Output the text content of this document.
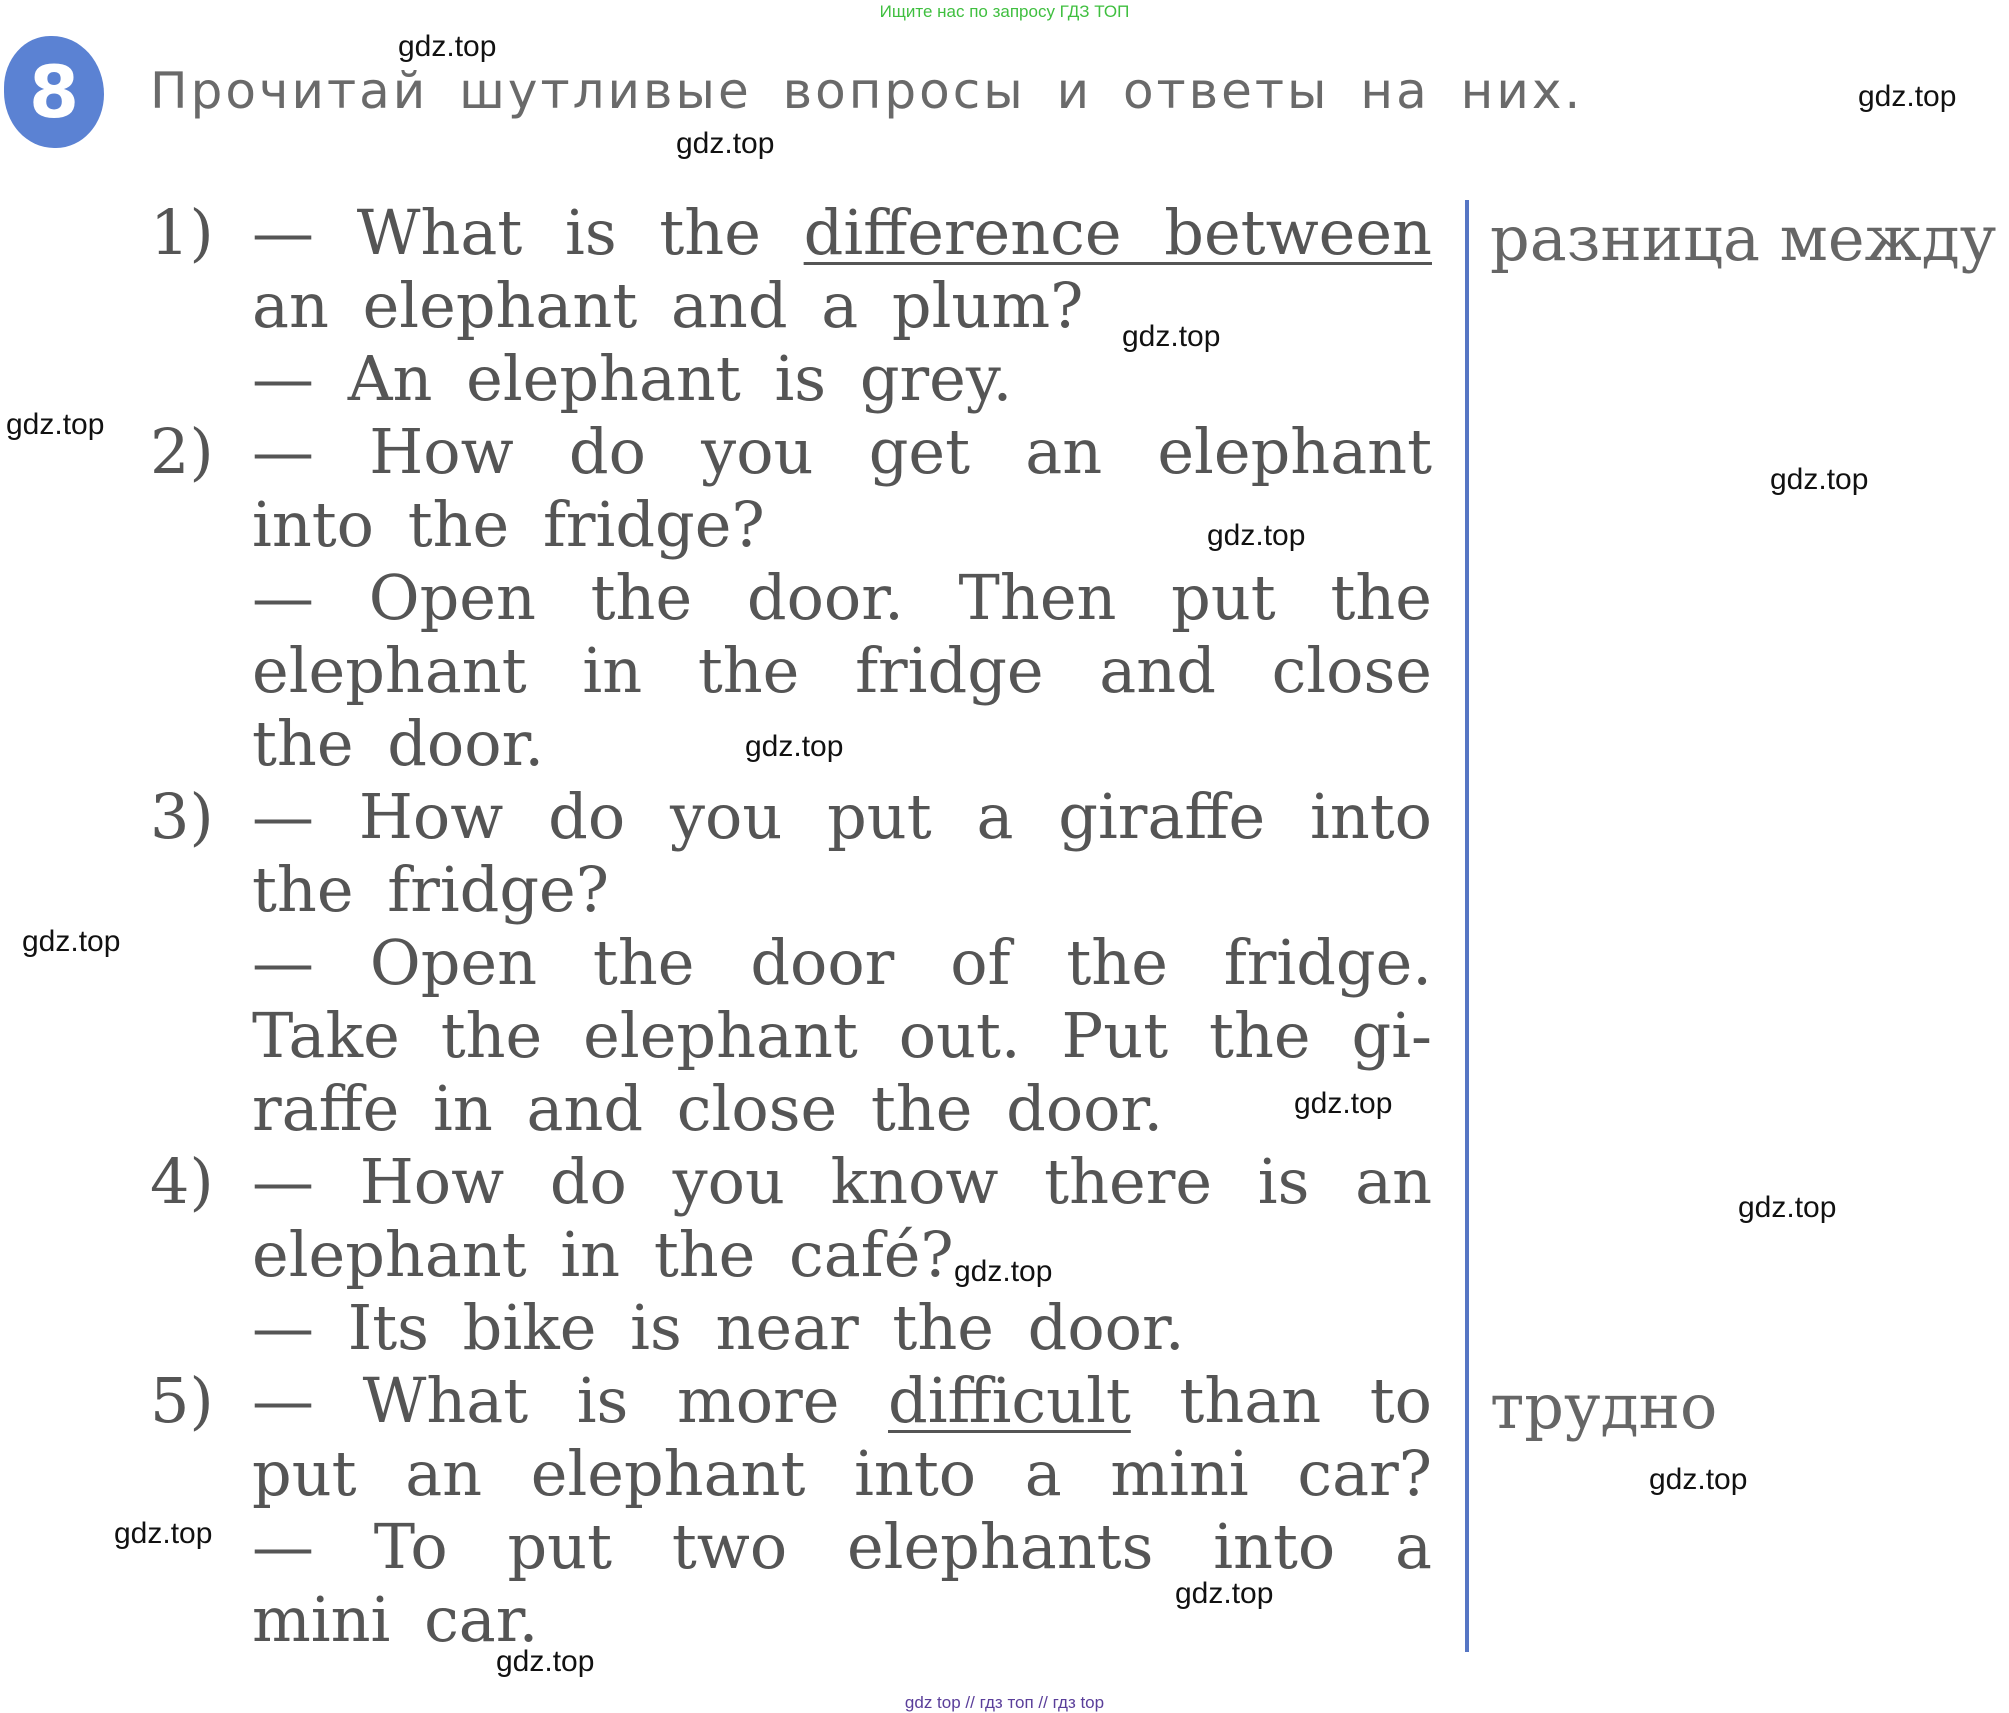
Ищите нас по запросу ГДЗ ТОП
8 Прочитай шутливые вопросы и ответы на них.
1) — What is the difference between
an elephant and a plum?
— An elephant is grey.
2) — How do you get an elephant
into the fridge?
— Open the door. Then put the
elephant in the fridge and close
the door.
3) — How do you put a giraffe into
the fridge?
— Open the door of the fridge.
Take the elephant out. Put the gi-
raffe in and close the door.
4) — How do you know there is an
elephant in the café?
— Its bike is near the door.
5) — What is more difficult than to
put an elephant into a mini car?
— To put two elephants into a
mini car.
разница между
трудно
gdz.top
gdz.top
gdz.top
gdz.top
gdz.top
gdz.top
gdz.top
gdz.top
gdz.top
gdz.top
gdz.top
gdz.top
gdz.top
gdz.top
gdz.top
gdz.top
gdz top // гдз топ // гдз top
